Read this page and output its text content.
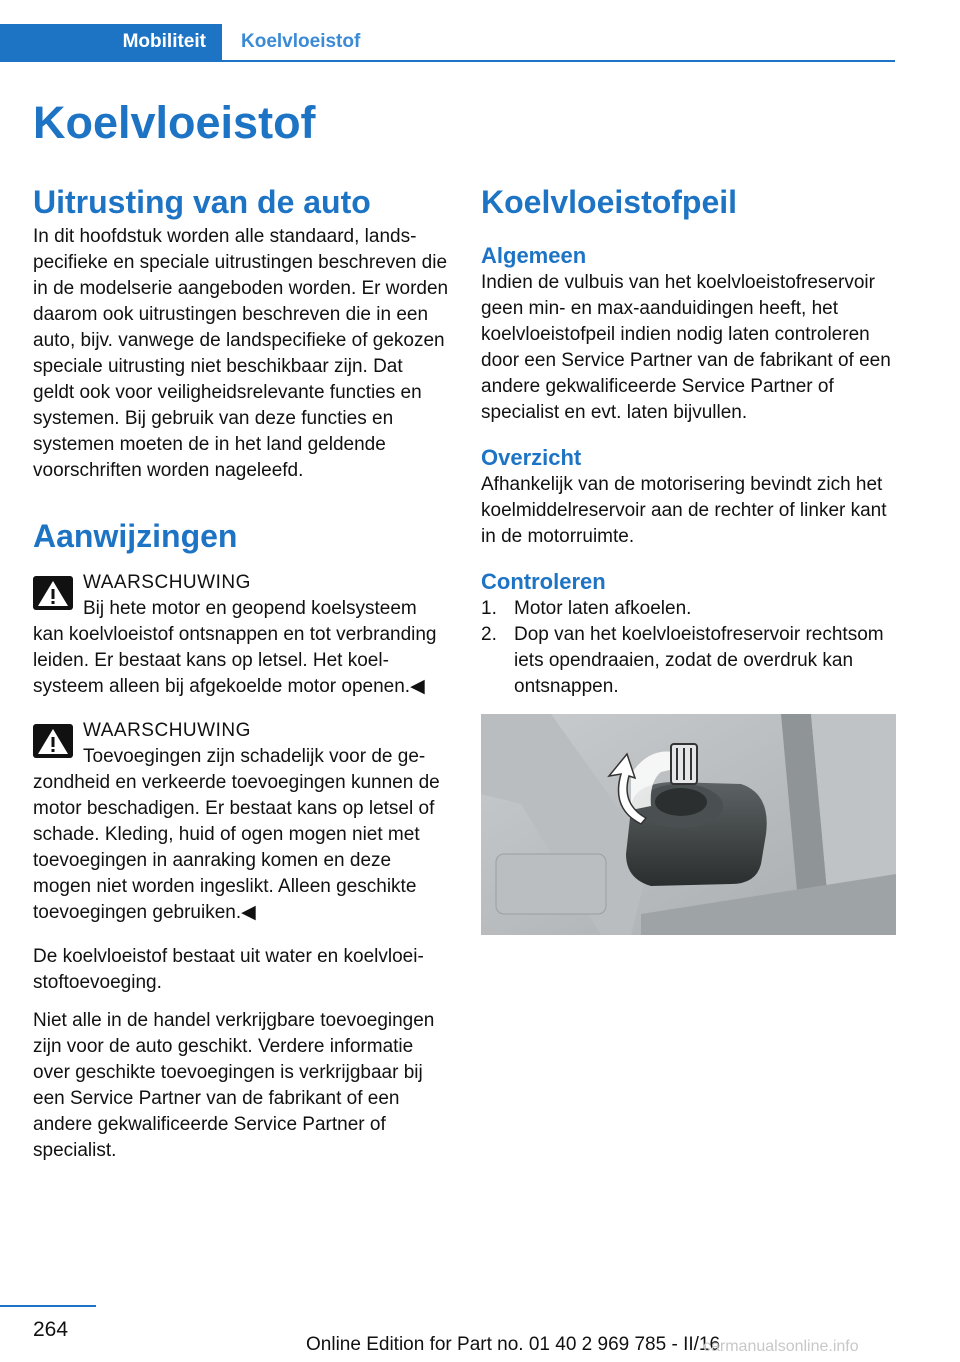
Mobiliteit	Koelvloeistof
Koelvloeistof
Uitrusting van de auto

In dit hoofdstuk worden alle standaard, landspecifieke en speciale uitrustingen beschreven die in de modelserie aangeboden worden. Er worden daarom ook uitrustingen beschreven die in een auto, bijv. vanwege de landspecifieke of gekozen speciale uitrusting niet beschikbaar zijn. Dat geldt ook voor veiligheidsrelevante functies en systemen. Bij gebruik van deze functies en systemen moeten de in het land geldende voorschriften worden nageleefd.

Aanwijzingen
WAARSCHUWING

Bij hete motor en geopend koelsysteem kan koelvloeistof ontsnappen en tot verbranding leiden. Er bestaat kans op letsel. Het koelsysteem alleen bij afgekoelde motor openen.◀

WAARSCHUWING

Toevoegingen zijn schadelijk voor de gezondheid en verkeerde toevoegingen kunnen de motor beschadigen. Er bestaat kans op letsel of schade. Kleding, huid of ogen mogen niet met toevoegingen in aanraking komen en deze mogen niet worden ingeslikt. Alleen geschikte toevoegingen gebruiken.◀

De koelvloeistof bestaat uit water en koelvloeistoftoevoeging.

Niet alle in de handel verkrijgbare toevoegingen zijn voor de auto geschikt. Verdere informatie over geschikte toevoegingen is verkrijgbaar bij een Service Partner van de fabrikant of een andere gekwalificeerde Service Partner of specialist.

Koelvloeistofpeil
Algemeen

Indien de vulbuis van het koelvloeistofreservoir geen min- en max-aanduidingen heeft, het koelvloeistofpeil indien nodig laten controleren door een Service Partner van de fabrikant of een andere gekwalificeerde Service Partner of specialist en evt. laten bijvullen.

Overzicht

Afhankelijk van de motorisering bevindt zich het koelmiddelreservoir aan de rechter of linker kant in de motorruimte.

Controleren
1. Motor laten afkoelen.
2. Dop van het koelvloeistofreservoir rechtsom iets opendraaien, zodat de overdruk kan ontsnappen.
264
Online Edition for Part no. 01 40 2 969 785 - II/16
carmanualsonline.info
